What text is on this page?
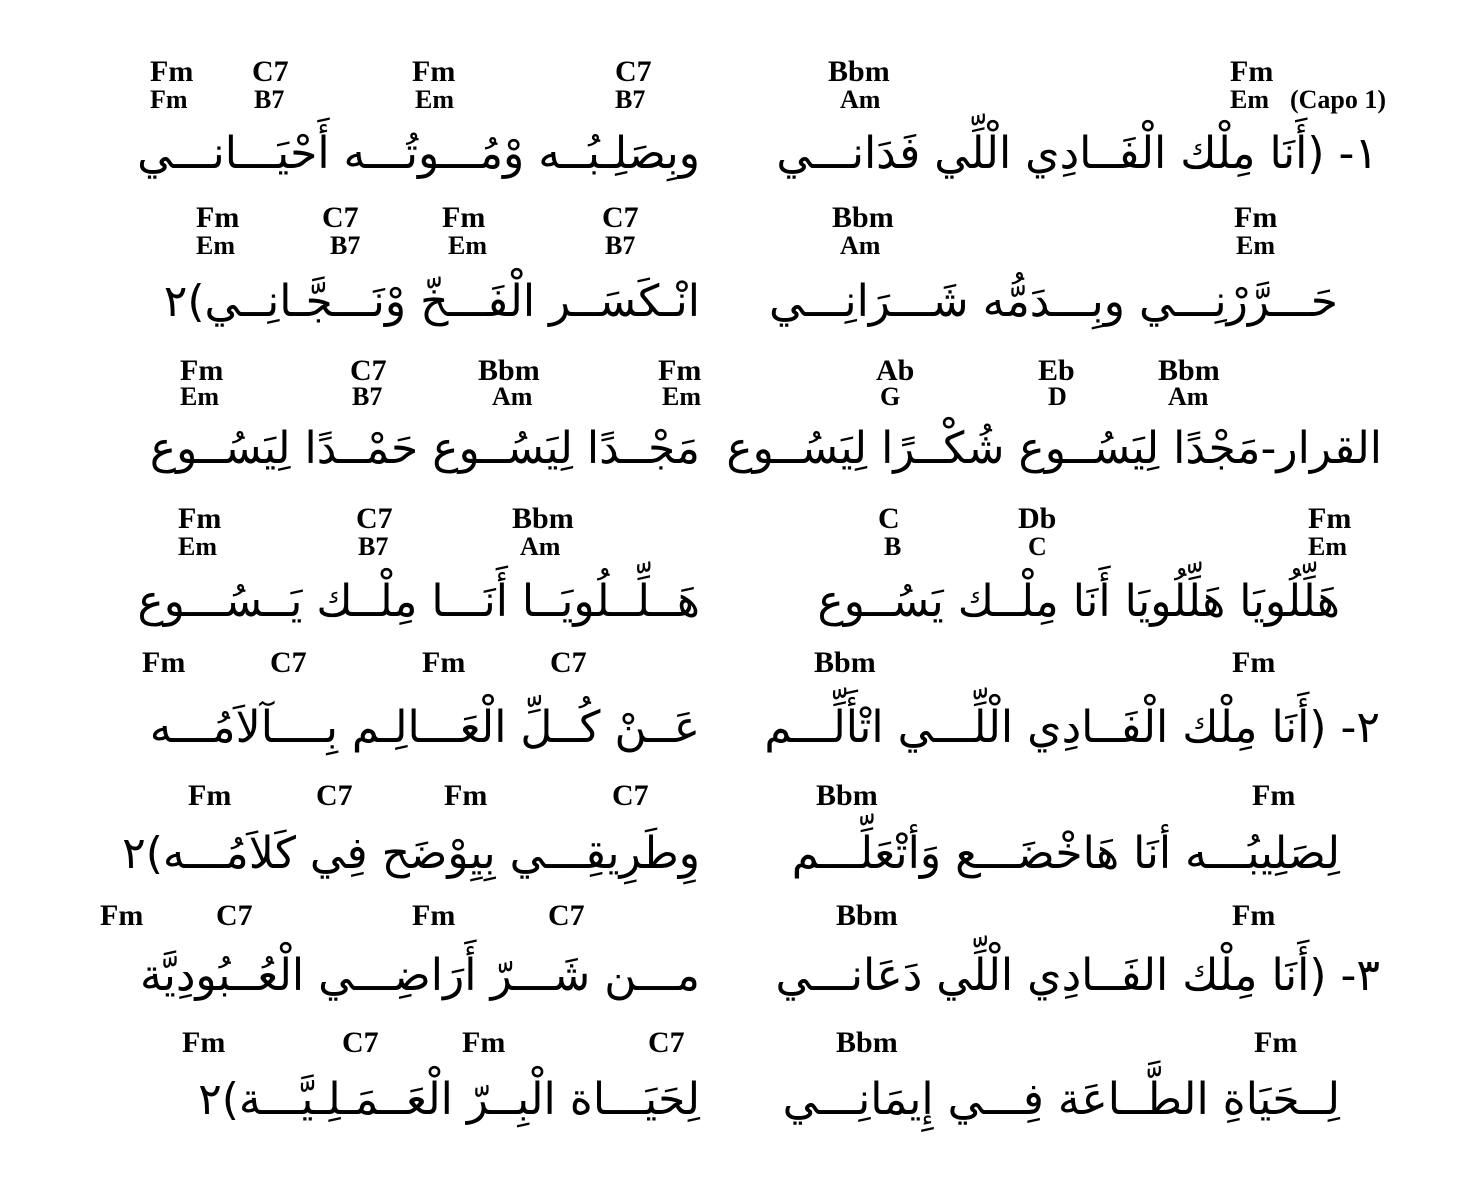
Fm
Em (Capo 1)
Bbm
Am
١- (أَنَا مِلْك الْفَــادِي الْلِّي فَدَانـــي
C7
B7
Fm
Em
C7
B7
Fm
Fm
وبِصَلِـبُــه وْمُـــوتُـــه أَحْيَـــانـــي
Fm
Em
Bbm
Am
حَـــرَّرْنِـــي وبِـــدَمُّه شَـــرَانِـــي
C7
B7
Fm
Em
C7
B7
Fm
Em
انْـكَسَــر الْفَـــخّ وْنَـــجَّـانِــي)٢
Bbm
Am
Eb
D
Ab
G
القرار-مَجْدًا لِيَسُــوع شُكْــرًا لِيَسُــوع
Fm
Em
Bbm
Am
C7
B7
Fm
Em
مَجْــدًا لِيَسُــوع حَمْــدًا لِيَسُــوع
Fm
Em
Db
C
C
B
هَلِّلُويَا هَلِّلُويَا أَنَا مِلْــك يَسُــوع
Bbm
Am
C7
B7
Fm
Em
هَــلِّــلُويَــا أَنَـــا مِلْــك يَــسُـــوع
Fm
Bbm
٢- (أَنَا مِلْك الْفَــادِي الْلِّـــي اتْأَلِّـــم
C7
Fm
C7
Fm
عَــنْ كُــلِّ الْعَـــالِـم بِــــآلاَمُـــه
Fm
Bbm
لِصَلِيبُـــه أنَا هَاخْضَـــع وَأتْعَلِّـــم
C7
Fm
C7
Fm
وِطَرِيقِـــي بِيِوْضَح فِي كَلاَمُـــه)٢
Fm
Bbm
٣- (أَنَا مِلْك الفَــادِي الْلِّي دَعَانـــي
C7
Fm
C7
Fm
مـــن شَـــرّ أَرَاضِـــي الْعُــبُودِيَّة
Fm
Bbm
لِــحَيَاةِ الطَّــاعَة فِـــي إِيمَانِـــي
C7
Fm
C7
Fm
لِحَيَـــاة الْبِــرّ الْعَــمَـلِـيَّـــة)٢
